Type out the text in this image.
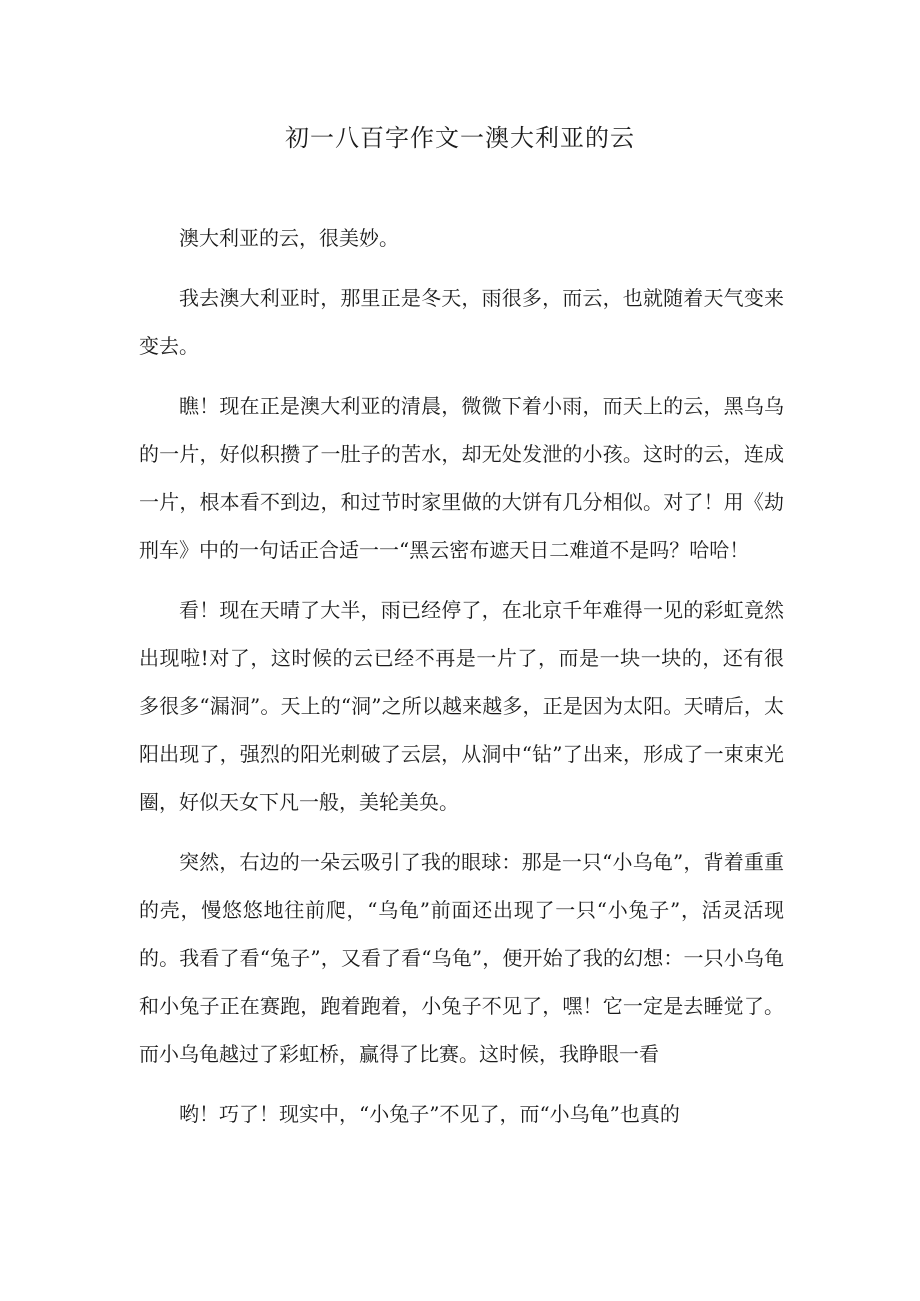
初一八百字作文一澳大利亚的云

澳大利亚的云，很美妙。

我去澳大利亚时，那里正是冬天，雨很多，而云，也就随着天气变来变去。

瞧！现在正是澳大利亚的清晨，微微下着小雨，而天上的云，黑乌乌的一片，好似积攒了一肚子的苦水，却无处发泄的小孩。这时的云，连成一片，根本看不到边，和过节时家里做的大饼有几分相似。对了！用《劫刑车》中的一句话正合适一一“黑云密布遮天日二难道不是吗？哈哈！

看！现在天晴了大半，雨已经停了，在北京千年难得一见的彩虹竟然出现啦!对了，这时候的云已经不再是一片了，而是一块一块的，还有很多很多“漏洞”。天上的“洞”之所以越来越多，正是因为太阳。天晴后，太阳出现了，强烈的阳光刺破了云层，从洞中“钻”了出来，形成了一束束光圈，好似天女下凡一般，美轮美奂。

突然，右边的一朵云吸引了我的眼球：那是一只“小乌龟”，背着重重的壳，慢悠悠地往前爬，“乌龟”前面还出现了一只“小兔子”，活灵活现的。我看了看“兔子”，又看了看“乌龟”，便开始了我的幻想：一只小乌龟和小兔子正在赛跑，跑着跑着，小兔子不见了，嘿！它一定是去睡觉了。而小乌龟越过了彩虹桥，赢得了比赛。这时候，我睁眼一看

哟！巧了！现实中，“小兔子”不见了，而“小乌龟”也真的
